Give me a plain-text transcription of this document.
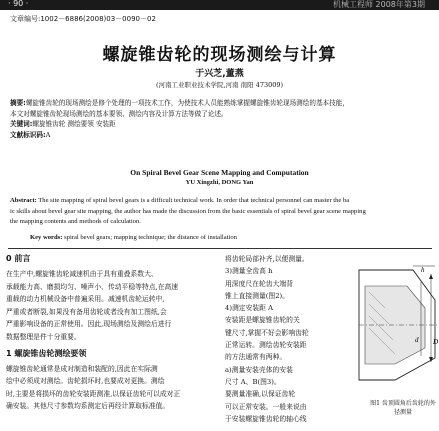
· 90 ·	机械工程师 2008年第3期
文章编号:1002－6886(2008)03－0090－02
螺旋锥齿轮的现场测绘与计算
于兴芝,董燕
(河南工业职业技术学院,河南 南阳 473009)
摘要:螺旋锥齿轮的现场测绘是修个处理的一项技术工作，为使技术人员能熟练掌握螺旋锥齿轮现场测绘的基本技能，
本文对螺旋锥齿轮现场测绘的基本要领、测绘内容及计算方法等做了论述。
关键词:螺旋锥齿轮 测绘要领 安装距
文献标识码:A
On Spiral Bevel Gear Scene Mapping and Computation
YU Xingzhi, DONG Yan
Abstract: The site mapping of spiral bevel gears is a difficult technical work. In order that technical personnel can master the ba
ic skills about bevel gear site mapping, the author has made the discussion from the basic essentials of spiral bevel gear scene mapping
the mapping contents and methods of calculation.
Key words: spiral bevel gears; mapping technique; the distance of installation
0 前言
在生产中,螺旋锥齿轮减速机由于具有重叠系数大、
承载能力高、磨损均匀、噪声小、传动平稳等特点,在高速
重载的动力机械设备中普遍采用。减速机齿轮运转中,
严重或者断裂,如果没有备用齿轮或者没有加工图纸,会
严重影响设备的正常使用。因此,现场测绘及测绘后进行
数据整理是件十分重要。
1 螺旋锥齿轮测绘要领
螺旋锥齿轮通常是成对制造和装配的,因此在实际测
绘中必须成对测绘。齿轮损坏时,也要成对更换。测绘
时,主要是将损坏的齿轮安装距测准,以保证齿轮可以成对正
确安装。其他尺寸参数均系测定后再经计算取标准值。
将齿轮局部补齐,以便测量。
3)测量全齿高 h
用深度尺在轮齿大端背
锥上直接测量(图2)。
4)测定安装距 A
安装距是螺旋锥齿轮的关
键尺寸,掌握不好会影响齿轮
正常运转。测绘齿轮安装距
的方法通常有两种。
a)测量安装壳体的安装
尺寸 A、B(图3)。
要测量准确,以保证齿轮
可以正常安装。一般来说由
于安装螺旋锥齿轮的轴心线
D
d
h
图1 齿顶圆角后齿轮的外径测量
